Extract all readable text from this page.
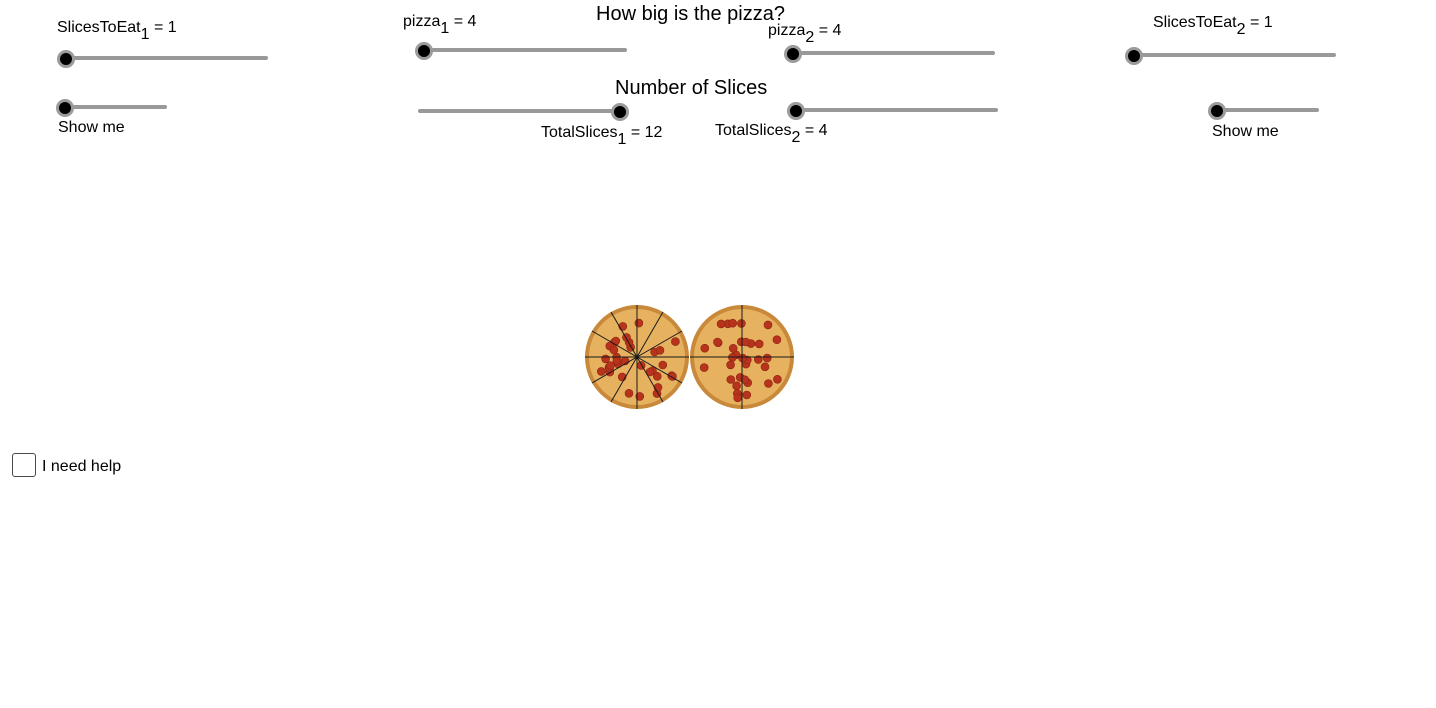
How big is the pizza?
Number of Slices
SlicesToEat$_1$ = 1
Show me
pizza$_1$ = 4
TotalSlices$_1$ = 12
pizza$_2$ = 4
TotalSlices$_2$ = 4
SlicesToEat$_2$ = 1
Show me
I need help
